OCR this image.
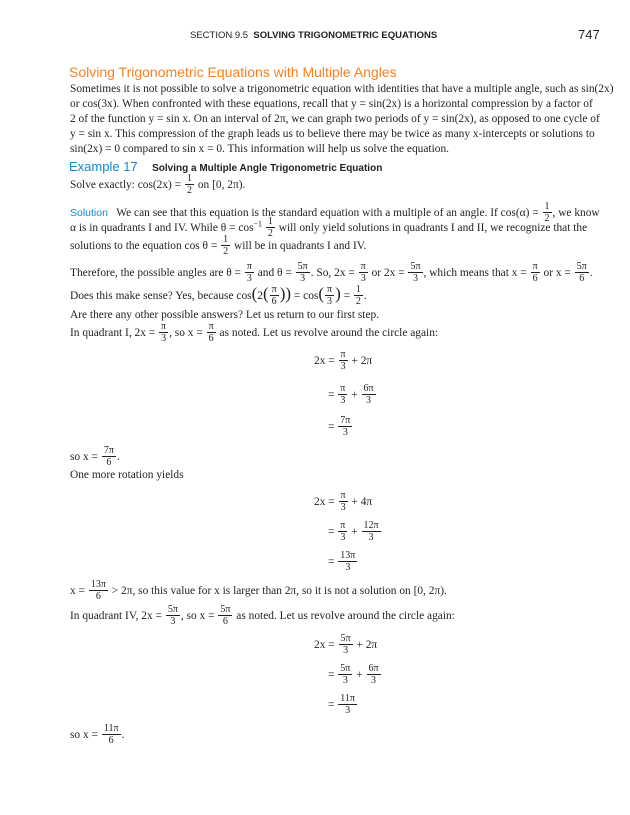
SECTION 9.5 SOLVING TRIGONOMETRIC EQUATIONS	747
Solving Trigonometric Equations with Multiple Angles
Sometimes it is not possible to solve a trigonometric equation with identities that have a multiple angle, such as sin(2x)
or cos(3x). When confronted with these equations, recall that y = sin(2x) is a horizontal compression by a factor of
2 of the function y = sin x. On an interval of 2π, we can graph two periods of y = sin(2x), as opposed to one cycle of
y = sin x. This compression of the graph leads us to believe there may be twice as many x-intercepts or solutions to
sin(2x) = 0 compared to sin x = 0. This information will help us solve the equation.
Example 17 Solving a Multiple Angle Trigonometric Equation
Solve exactly: $\cos(2x) = \frac{1}{2}$ on [0, 2π).
Solution We can see that this equation is the standard equation with a multiple of an angle. If $\cos(\alpha) = \frac{1}{2}$ , we know
α is in quadrants I and IV. While $\theta = \cos^{-1} \frac{1}{2}$ will only yield solutions in quadrants I and II, we recognize that the
solutions to the equation $\cos \theta = \frac{1}{2}$ will be in quadrants I and IV.
Therefore, the possible angles are $\theta = \frac{\pi}{3}$ and $\theta = \frac{5\pi}{3}$ . So, $2x = \frac{\pi}{3}$ or $2x = \frac{5\pi}{3}$ , which means that $x = \frac{\pi}{6}$ or $x = \frac{5\pi}{6}$ .
Does this make sense? Yes, because $\cos(2( \frac{\pi}{6}$ )) = $\cos( \frac{\pi}{3}$ ) = $\frac{1}{2}$ .
Are there any other possible answers? Let us return to our first step.
In quadrant I, $2x = \frac{\pi}{3}$ , so $x = \frac{\pi}{6}$ as noted. Let us revolve around the circle again:
$2x = \frac{\pi}{3} + 2\pi$
= $\frac{\pi}{3} + \frac{6\pi}{3}$
= $\frac{7\pi}{3}$
so $x = \frac{7\pi}{6}$ .
One more rotation yields
$2x = \frac{\pi}{3} + 4\pi$
= $\frac{\pi}{3} + \frac{12\pi}{3}$
= $\frac{13\pi}{3}$
$x = \frac{13\pi}{6} > 2\pi$, so this value for x is larger than 2π, so it is not a solution on [0, 2π).
In quadrant IV, $2x = \frac{5\pi}{3}$ , so $x = \frac{5\pi}{6}$ as noted. Let us revolve around the circle again:
$2x = \frac{5\pi}{3} + 2\pi$
= $\frac{5\pi}{3} + \frac{6\pi}{3}$
= $\frac{11\pi}{3}$
so $x = \frac{11\pi}{6}$ .
